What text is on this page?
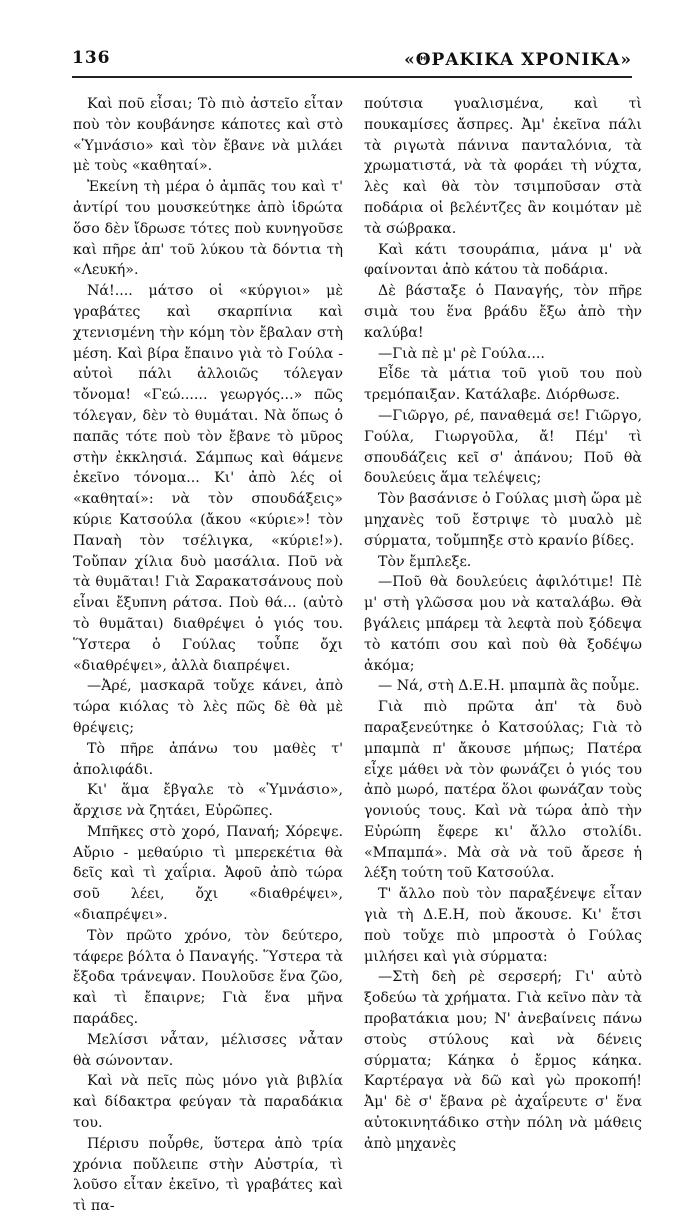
136	«ΘΡΑΚΙΚΑ ΧΡΟΝΙΚΑ»

Καὶ ποῦ εἶσαι; Τὸ πιὸ ἀστεῖο εἶταν ποὺ τὸν κουβάνησε κάποτες καὶ στὸ «Ὑμνάσιο» καὶ τὸν ἔβανε νὰ μιλάει μὲ τοὺς «καθηταί».

Ἐκείνη τὴ μέρα ὁ ἀμπᾶς του καὶ τ' ἀντίρί του μουσκεύτηκε ἀπὸ ἱδρώτα ὅσο δὲν ἴδρωσε τότες ποὺ κυνηγοῦσε καὶ πῆρε ἀπ' τοῦ λύκου τὰ δόντια τὴ «Λευκή».

Νά!.... μάτσο οἱ «κύργιοι» μὲ γραβάτες καὶ σκαρπίνια καὶ χτενισμένη τὴν κόμη τὸν ἔβαλαν στὴ μέση. Καὶ βίρα ἔπαινο γιὰ τὸ Γούλα - αὐτοὶ πάλι ἀλλοιῶς τόλεγαν τὄνομα! «Γεώ...... γεωργός...» πῶς τόλεγαν, δὲν τὸ θυμάται. Νὰ ὅπως ὁ παπᾶς τότε ποὺ τὸν ἔβανε τὸ μῦρος στὴν ἐκκλησιά. Σάμπως καὶ θάμενε ἐκεῖνο τόνομα... Κι' ἀπὸ λές οἱ «καθηταί»: νὰ τὸν σπουδάξεις» κύριε Κατσούλα (ἄκου «κύριε»! τὸν Παναὴ τὸν τσέλιγκα, «κύριε!»). Τοὔπαν χίλια δυὸ μασάλια. Ποῦ νὰ τὰ θυμᾶται! Γιὰ Σαρακατσάνους ποὺ εἶναι ἔξυπνη ράτσα. Ποὺ θά... (αὐτὸ τὸ θυμᾶται) διαθρέψει ὁ γιός του. Ὕστερα ὁ Γούλας τοὖπε ὄχι «διαθρέψει», ἀλλὰ διαπρέψει.

—Ἀρέ, μασκαρᾶ τοὔχε κάνει, ἀπὸ τώρα κιόλας τὸ λὲς πῶς δὲ θὰ μὲ θρέψεις;

Τὸ πῆρε ἀπάνω του μαθὲς τ' ἀπολιφάδι.

Κι' ἅμα ἔβγαλε τὸ «Ὑμνάσιο», ἄρχισε νὰ ζητάει, Εὐρῶπες.

Μπῆκες στὸ χορό, Παναή; Χόρεψε. Αὔριο - μεθαύριο τὶ μπερεκέτια θὰ δεῖς καὶ τὶ χαΐρια. Ἀφοῦ ἀπὸ τώρα σοῦ λέει, ὄχι «διαθρέψει», «διαπρέψει».

Τὸν πρῶτο χρόνο, τὸν δεύτερο, τάφερε βόλτα ὁ Παναγής. Ὕστερα τὰ ἔξοδα τράνεψαν. Πουλοῦσε ἕνα ζῶο, καὶ τὶ ἔπαιρνε; Γιὰ ἕνα μῆνα παράδες.

Μελίσσι νἆταν, μέλισσες νἆταν θὰ σώνονταν.

Καὶ νὰ πεῖς πὼς μόνο γιὰ βιβλία καὶ δίδακτρα φεύγαν τὰ παραδάκια του.

Πέρισυ ποὖρθε, ὕστερα ἀπὸ τρία χρόνια ποὔλειπε στὴν Αὐστρία, τὶ λοῦσο εἶταν ἐκεῖνο, τὶ γραβάτες καὶ τὶ πα-

πούτσια γυαλισμένα, καὶ τὶ πουκαμίσες ἄσπρες. Ἀμ' ἐκεῖνα πάλι τὰ ριγωτὰ πάνινα πανταλόνια, τὰ χρωματιστά, νὰ τὰ φοράει τὴ νύχτα, λὲς καὶ θὰ τὸν τσιμποῦσαν στὰ ποδάρια οἱ βελέντζες ἂν κοιμόταν μὲ τὰ σώβρακα.

Καὶ κάτι τσουράπια, μάνα μ' νὰ φαίνονται ἀπὸ κάτου τὰ ποδάρια.

Δὲ βάσταξε ὁ Παναγής, τὸν πῆρε σιμὰ του ἕνα βράδυ ἔξω ἀπὸ τὴν καλύβα!

—Γιὰ πὲ μ' ρὲ Γούλα....

Εἶδε τὰ μάτια τοῦ γιοῦ του ποὺ τρεμόπαιξαν. Κατάλαβε. Διόρθωσε.

—Γιῶργο, ρέ, παναθεμά σε! Γιῶργο, Γούλα, Γιωργοῦλα, ἄ! Πέμ' τὶ σπουδάζεις κεῖ σ' ἀπάνου; Ποῦ θὰ δουλεύεις ἅμα τελέψεις;

Τὸν βασάνισε ὁ Γούλας μισὴ ὥρα μὲ μηχανὲς τοῦ ἔστριψε τὸ μυαλὸ μὲ σύρματα, τοὔμπηξε στὸ κρανίο βίδες.

Τὸν ἔμπλεξε.

—Ποῦ θὰ δουλεύεις ἀφιλότιμε! Πὲ μ' στὴ γλῶσσα μου νὰ καταλάβω. Θὰ βγάλεις μπάρεμ τὰ λεφτὰ ποὺ ξόδεψα τὸ κατόπι σου καὶ ποὺ θὰ ξοδέψω ἀκόμα;

— Νά, στὴ Δ.Ε.Η. μπαμπὰ ἂς ποὖμε.

Γιὰ πιὸ πρῶτα ἀπ' τὰ δυὸ παραξενεύτηκε ὁ Κατσούλας; Γιὰ τὸ μπαμπὰ π' ἄκουσε μήπως; Πατέρα εἶχε μάθει νὰ τὸν φωνάζει ὁ γιός του ἀπὸ μωρό, πατέρα ὅλοι φωνάζαν τοὺς γονιούς τους. Καὶ νὰ τώρα ἀπὸ τὴν Εὐρώπη ἔφερε κι' ἄλλο στολίδι. «Μπαμπά». Μὰ σὰ νὰ τοῦ ἄρεσε ἡ λέξη τούτη τοῦ Κατσούλα.

Τ' ἄλλο ποὺ τὸν παραξένεψε εἶταν γιὰ τὴ Δ.Ε.Η, ποὺ ἄκουσε. Κι' ἔτσι ποὺ τοὔχε πιὸ μπροστὰ ὁ Γούλας μιλήσει καὶ γιὰ σύρματα:

—Στὴ δεὴ ρὲ σερσερή; Γι' αὐτὸ ξοδεύω τὰ χρήματα. Γιὰ κεῖνο πὰν τὰ προβατάκια μου; Ν' ἀνεβαίνεις πάνω στοὺς στύλους καὶ νὰ δένεις σύρματα; Κάηκα ὁ ἔρμος κάηκα. Καρτέραγα νὰ δῶ καὶ γὼ προκοπή! Ἀμ' δὲ σ' ἔβανα ρὲ ἀχαΐρευτε σ' ἕνα αὐτοκινητάδικο στὴν πόλη νὰ μάθεις ἀπὸ μηχανὲς
